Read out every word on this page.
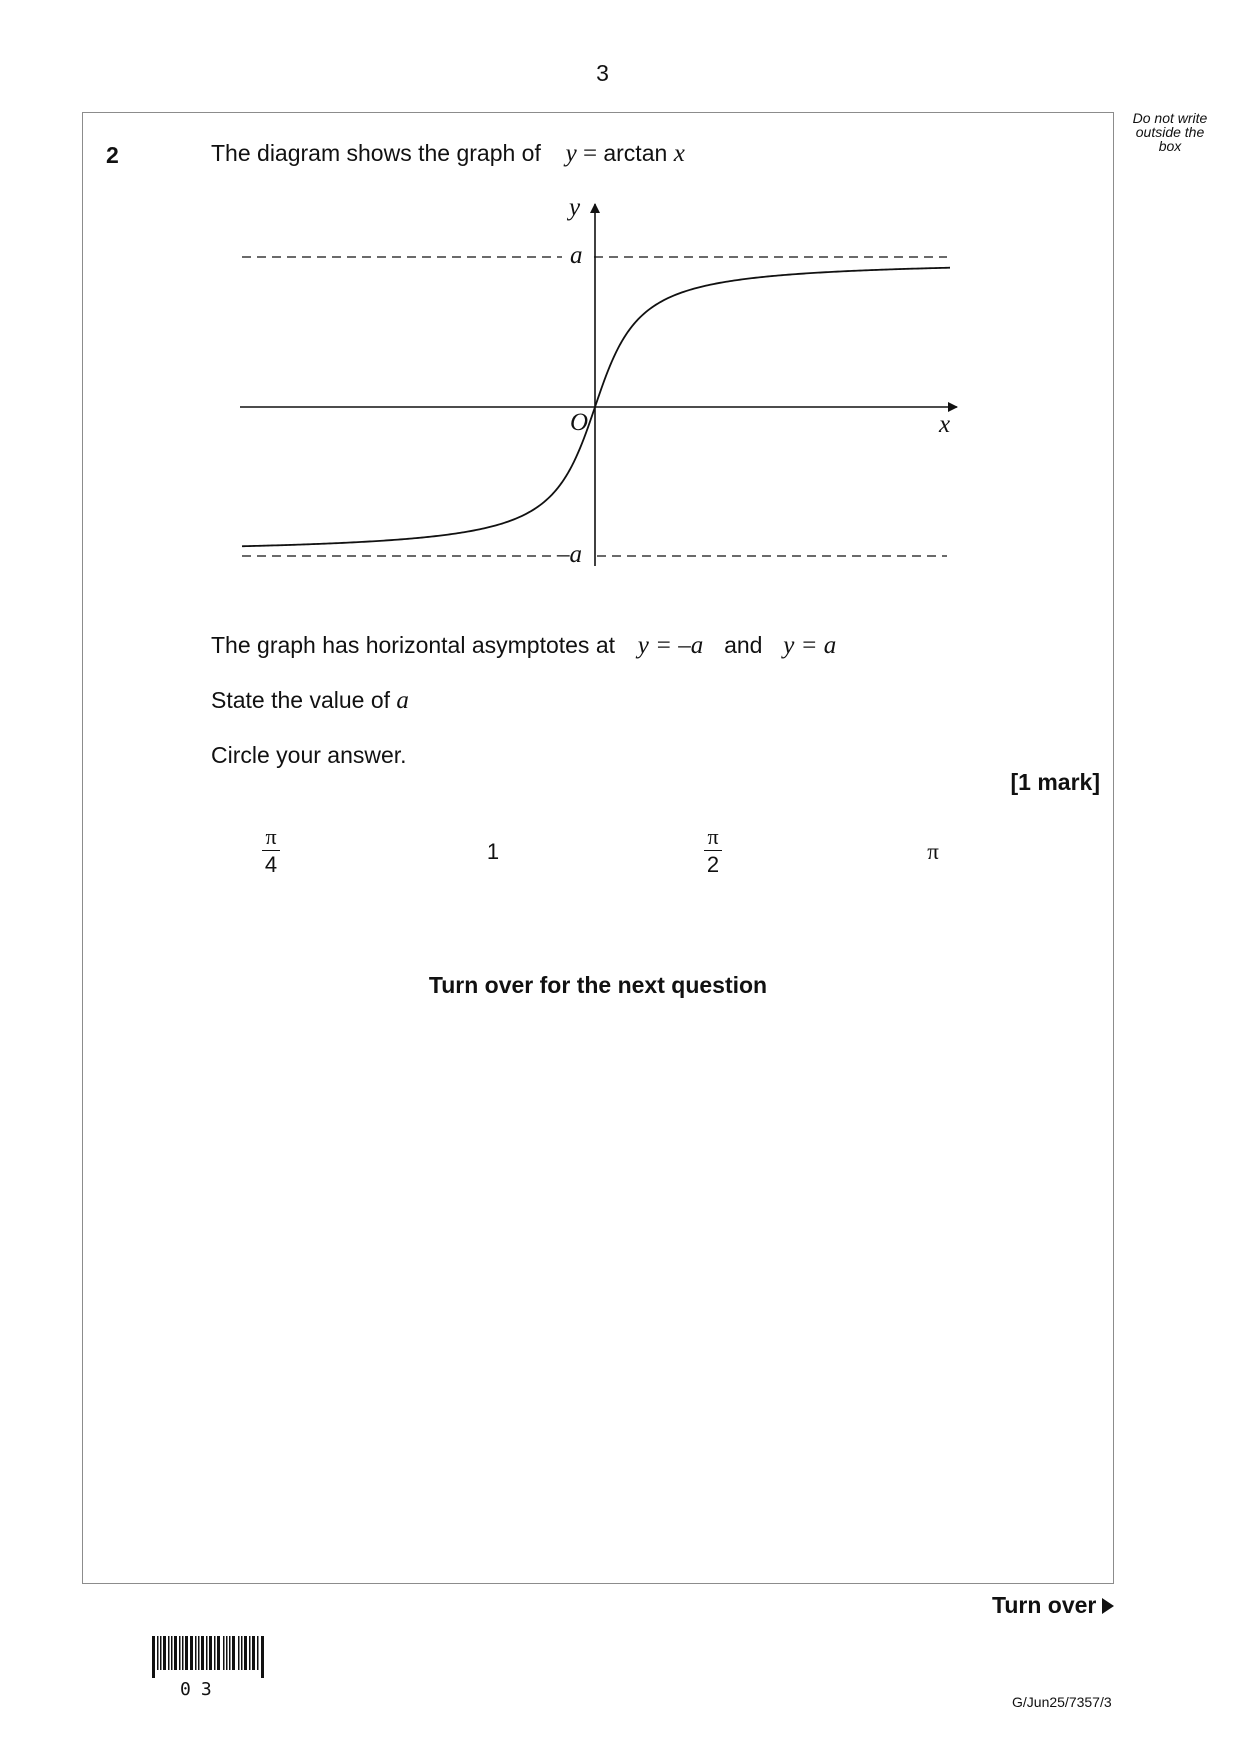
3
Do not write
outside the
box
2	The diagram shows the graph of y = arctan x
y
x
O
a
–a
The graph has horizontal asymptotes at y = –a and y = a
State the value of a
Circle your answer.
[1 mark]
$\frac{\pi}{4}$	1	$\frac{\pi}{2}$	π
Turn over for the next question
Turn over
03
G/Jun25/7357/3
